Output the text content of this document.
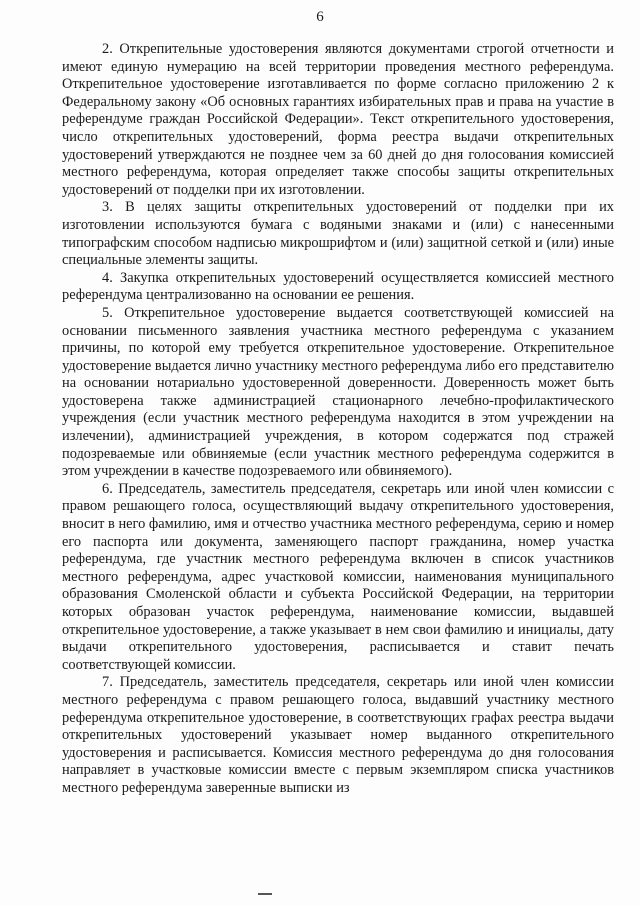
6

2. Открепительные удостоверения являются документами строгой отчетности и имеют единую нумерацию на всей территории проведения местного референдума. Открепительное удостоверение изготавливается по форме согласно приложению 2 к Федеральному закону «Об основных гарантиях избирательных прав и права на участие в референдуме граждан Российской Федерации». Текст открепительного удостоверения, число открепительных удостоверений, форма реестра выдачи открепительных удостоверений утверждаются не позднее чем за 60 дней до дня голосования комиссией местного референдума, которая определяет также способы защиты открепительных удостоверений от подделки при их изготовлении.

3. В целях защиты открепительных удостоверений от подделки при их изготовлении используются бумага с водяными знаками и (или) с нанесенными типографским способом надписью микрошрифтом и (или) защитной сеткой и (или) иные специальные элементы защиты.

4. Закупка открепительных удостоверений осуществляется комиссией местного референдума централизованно на основании ее решения.

5. Открепительное удостоверение выдается соответствующей комиссией на основании письменного заявления участника местного референдума с указанием причины, по которой ему требуется открепительное удостоверение. Открепительное удостоверение выдается лично участнику местного референдума либо его представителю на основании нотариально удостоверенной доверенности. Доверенность может быть удостоверена также администрацией стационарного лечебно-профилактического учреждения (если участник местного референдума находится в этом учреждении на излечении), администрацией учреждения, в котором содержатся под стражей подозреваемые или обвиняемые (если участник местного референдума содержится в этом учреждении в качестве подозреваемого или обвиняемого).

6. Председатель, заместитель председателя, секретарь или иной член комиссии с правом решающего голоса, осуществляющий выдачу открепительного удостоверения, вносит в него фамилию, имя и отчество участника местного референдума, серию и номер его паспорта или документа, заменяющего паспорт гражданина, номер участка референдума, где участник местного референдума включен в список участников местного референдума, адрес участковой комиссии, наименования муниципального образования Смоленской области и субъекта Российской Федерации, на территории которых образован участок референдума, наименование комиссии, выдавшей открепительное удостоверение, а также указывает в нем свои фамилию и инициалы, дату выдачи открепительного удостоверения, расписывается и ставит печать соответствующей комиссии.

7. Председатель, заместитель председателя, секретарь или иной член комиссии местного референдума с правом решающего голоса, выдавший участнику местного референдума открепительное удостоверение, в соответствующих графах реестра выдачи открепительных удостоверений указывает номер выданного открепительного удостоверения и расписывается. Комиссия местного референдума до дня голосования направляет в участковые комиссии вместе с первым экземпляром списка участников местного референдума заверенные выписки из
